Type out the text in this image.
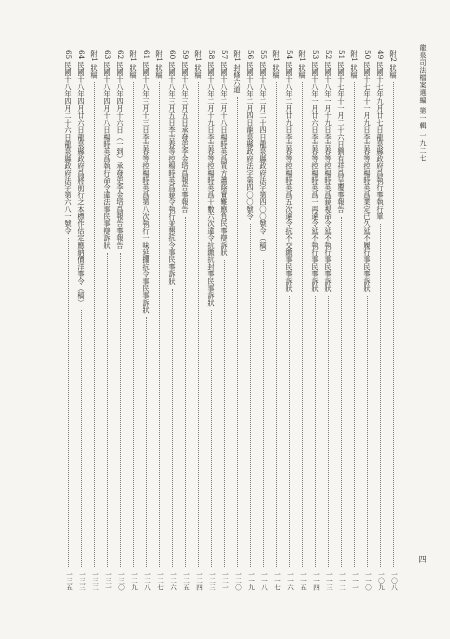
龍泉司法檔案選編 第一輯 一九二七
附2 狀稿
一〇八
49 民國十七年九月廿七日龍泉縣政府爲執行事執行單
一〇九
50 民國十七年十一月九日李吉春等控楊時英爲業定已久延不履行事民事訴狀
一一〇
附1 狀稿
一一一
51 民國十七年十一月二十六日劉有祥爲呈覆事報告
一一二
52 民國十八年一月十九日李吉春等控楊時英爲藐視命令延不執行事民事訴狀
一一三
53 民國十八年一月廿六日李吉春等控楊時英爲一再違令延不執行事民事訴狀
一一四
附1 狀稿
一一五
54 民國十八年二月廿九日李吉春等控楊時英爲五次違令抗不交繳事民事訴狀
一一六
附1 狀稿
一一七
55 民國十八年二月二十四日龍泉縣政府法字第四〇〇號令（稿）
一一八
56 民國十八年二月四日龍泉縣政府法字第四〇〇號令
一一九
附1 封條六道
一二〇
57 民國十八年二月十八日楊時英爲買方蕭蔭實難應負民事辯訴狀
一二一
58 民國十八年二月十九日李吉春等控楊時英爲十數六次違令抗繳抗封事民事訴狀
一二三
附1 狀稿
一二四
59 民國十八年三月五日承發吏李金培爲報告事報告
一二五
60 民國十八年三月五日李吉春等控楊時英爲藐令執行並懇抗令事民事訴狀
一二六
附1 狀稿
一二七
61 民國十八年三月十三日李吉春等控楊時英爲第八次執行一味延擱抗令事民事訴狀
一二八
附1 狀稿
一二九
62 民國十八年四月十六日（一到）承發吏李金培爲報告事報告
一三〇
63 民國十八年四月十八日楊時英爲執行命令違法事民事辯訴狀
一三一
附1 狀稿
一三二
64 民國十八年四月廿六日龍泉縣政府爲將前行之本標作估定應納價洋事令（稿）
一三三
65 民國十八年四月二十六日龍泉縣政府法字第六八一號令
一三五
四
